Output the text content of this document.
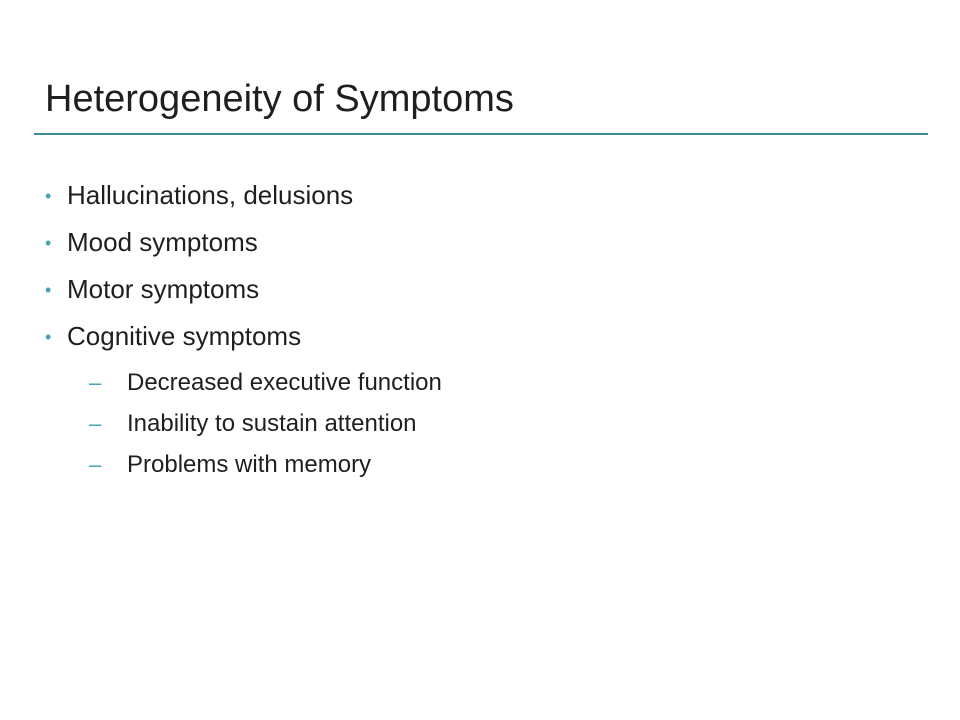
Heterogeneity of Symptoms
• Hallucinations, delusions
• Mood symptoms
• Motor symptoms
• Cognitive symptoms
–	Decreased executive function
–	Inability to sustain attention
–	Problems with memory
